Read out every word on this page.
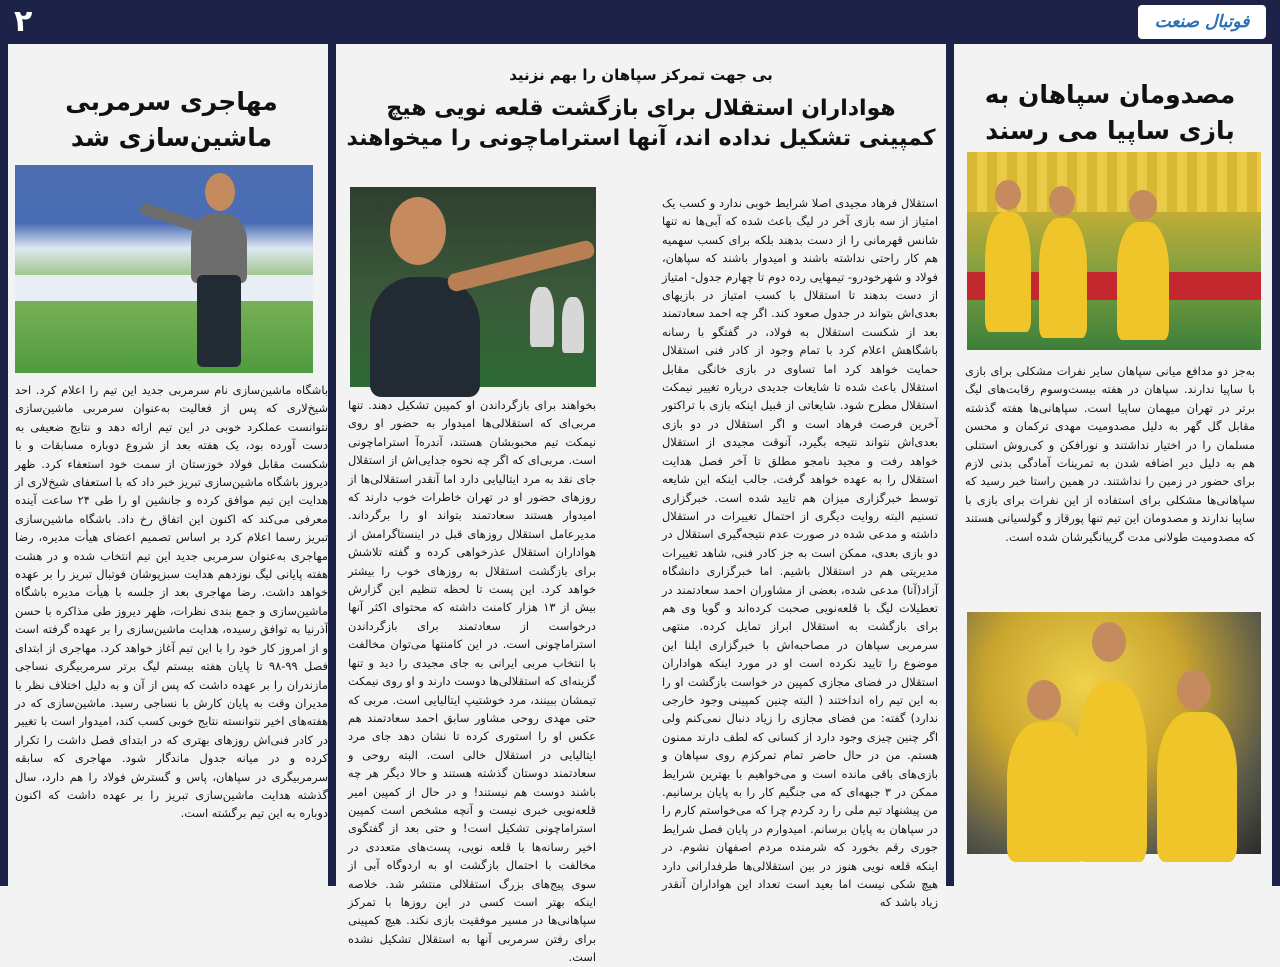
۲	فوتبال صنعت
مصدومان سپاهان به بازی ساپیا می رسند

به‌جز دو مدافع میانی سپاهان سایر نفرات مشکلی برای بازی با ساپیا ندارند. سپاهان در هفته بیست‌وسوم رقابت‌های لیگ برتر در تهران میهمان ساپیا است. سپاهانی‌ها هفته گذشته مقابل گل گهر به دلیل مصدومیت مهدی ترکمان و محسن مسلمان را در اختیار نداشتند و نورافکن و کی‌روش استنلی هم به دلیل دیر اضافه شدن به تمرینات آمادگی بدنی لازم برای حضور در زمین را نداشتند. در همین راستا خبر رسید که سپاهانی‌ها مشکلی برای استفاده از این نفرات برای بازی با ساپیا ندارند و مصدومان این تیم تنها پورقاز و گولسیانی هستند که مصدومیت طولانی مدت گریبانگیرشان شده است.

بی جهت تمرکز سپاهان را بهم نزنید
هواداران استقلال برای بازگشت قلعه نویی هیچ کمپینی تشکیل نداده اند، آنها استراماچونی را میخواهند

استقلال فرهاد مجیدی اصلا شرایط خوبی ندارد و کسب یک امتیاز از سه بازی آخر در لیگ باعث شده که آبی‌ها نه تنها شانس قهرمانی را از دست بدهند بلکه برای کسب سهمیه هم کار راحتی نداشته باشند و امیدوار باشند که سپاهان، فولاد و شهر‌خودرو- تیمهایی رده دوم تا چهارم جدول- امتیاز از دست بدهند تا استقلال با کسب امتیاز در بازیهای بعدی‌اش بتواند در جدول صعود کند. اگر چه احمد سعادتمند بعد از شکست استقلال به فولاد، در گفتگو با رسانه باشگاهش اعلام کرد با تمام وجود از کادر فنی استقلال حمایت خواهد کرد اما تساوی در بازی خانگی مقابل استقلال باعث شده تا شایعات جدیدی درباره تغییر نیمکت استقلال مطرح شود. شایعاتی از قبیل اینکه بازی با تراکتور آخرین فرصت فرهاد است و اگر استقلال در دو بازی بعدی‌اش نتواند نتیجه بگیرد، آنوقت مجیدی از استقلال خواهد رفت و مجید نامجو مطلق تا آخر فصل هدایت استقلال را به عهده خواهد گرفت. جالب اینکه این شایعه توسط خبرگزاری میزان هم تایید شده است. خبرگزاری تسنیم البته روایت دیگری از احتمال تغییرات در استقلال داشته و مدعی شده در صورت عدم نتیجه‌گیری استقلال در دو بازی بعدی، ممکن است به جز کادر فنی، شاهد تغییرات مدیریتی هم در استقلال باشیم. اما خبرگزاری دانشگاه آزاد(آنا) مدعی شده، بعضی از مشاوران احمد سعادتمند در تعطیلات لیگ با قلعه‌نویی صحبت کرده‌اند و گویا وی هم برای بازگشت به استقلال ابراز تمایل کرده. منتهی سرمربی سپاهان در مصاحبه‌اش با خبرگزاری ایلنا این موضوع را تایید نکرده است او در مورد اینکه هواداران استقلال در فضای مجازی کمپین در خواست بازگشت او را به این تیم راه انداختند ( البته چنین کمپینی وجود خارجی ندارد) گفته: من فضای مجازی را زیاد دنبال نمی‌کنم ولی اگر چنین چیزی وجود دارد از کسانی که لطف دارند ممنون هستم. من در حال حاضر تمام تمرکزم روی سپاهان و بازی‌های باقی مانده است و می‌خواهیم با بهترین شرایط ممکن در ۳ جبهه‌ای که می جنگیم کار را به پایان برسانیم. من پیشنهاد تیم ملی را رد کردم چرا که می‌خواستم کارم را در سپاهان به پایان برسانم. امیدوارم در پایان فصل شرایط جوری رقم بخورد که شرمنده مردم اصفهان نشوم. در اینکه قلعه نویی هنوز در بین استقلالی‌ها طرفدارانی دارد هیچ شکی نیست اما بعید است تعداد این هواداران آنقدر زیاد باشد که

بخواهند برای بازگرداندن او کمپین تشکیل دهند. تنها مربی‌ای که استقلالی‌ها امیدوار به حضور او روی نیمکت تیم محبوبشان هستند، آندره‌آ استراماچونی است. مربی‌ای که اگر چه نحوه جدایی‌اش از استقلال جای نقد به مرد ایتالیایی دارد اما آنقدر استقلالی‌ها از روزهای حضور او در تهران خاطرات خوب دارند که امیدوار هستند سعادتمند بتواند او را برگرداند. مدیرعامل استقلال روزهای قبل در اینستاگرامش از هواداران استقلال عذرخواهی کرده و گفته تلاشش برای بازگشت استقلال به روزهای خوب را بیشتر خواهد کرد. این پست تا لحظه تنظیم این گزارش بیش از ۱۳ هزار کامنت داشته که محتوای اکثر آنها درخواست از سعادتمند برای بازگرداندن استراماچونی است. در این کامنتها می‌توان مخالفت با انتخاب مربی ایرانی به جای مجیدی را دید و تنها گزینه‌ای که استقلالی‌ها دوست دارند و او روی نیمکت تیمشان ببینند، مرد خوشتیپ ایتالیایی است. مربی که حتی مهدی روحی مشاور سابق احمد سعادتمند هم عکس او را استوری کرده تا نشان دهد جای مرد ایتالیایی در استقلال خالی است. البته روحی و سعادتمند دوستان گذشته هستند و حالا دیگر هر چه باشند دوست هم نیستند! و در حال از کمپین امیر قلعه‌نویی خبری نیست و آنچه مشخص است کمپین استراماچونی تشکیل است! و حتی بعد از گفتگوی اخیر رسانه‌ها با قلعه نویی، پست‌های متعددی در مخالفت با احتمال بازگشت او به اردوگاه آبی از سوی پیج‌های بزرگ استقلالی منتشر شد. خلاصه اینکه بهتر است کسی در این روزها با تمرکز سپاهانی‌ها در مسیر موفقیت بازی نکند. هیچ کمپینی برای رفتن سرمربی آنها به استقلال تشکیل نشده است.

مهاجری سرمربی ماشین‌سازی شد

باشگاه ماشین‌سازی نام سرمربی جدید این تیم را اعلام کرد. احد شیخ‌لاری که پس از فعالیت به‌عنوان سرمربی ماشین‌سازی نتوانست عملکرد خوبی در این تیم ارائه دهد و نتایج ضعیفی به دست آورده بود، یک هفته بعد از شروع دوباره مسابقات و با شکست مقابل فولاد خوزستان از سمت خود استعفاء کرد. ظهر دیروز باشگاه ماشین‌سازی تبریز خبر داد که با استعفای شیخ‌لاری از هدایت این تیم موافق کرده و جانشین او را طی ۲۴ ساعت آینده معرفی می‌کند که اکنون این اتفاق رخ داد. باشگاه ماشین‌سازی تبریز رسما اعلام کرد بر اساس تصمیم اعضای هیأت مدیره، رضا مهاجری به‌عنوان سرمربی جدید این تیم انتخاب شده و در هشت هفته پایانی لیگ نوزدهم هدایت سبزپوشان فوتبال تبریز را بر عهده خواهد داشت. رضا مهاجری بعد از جلسه با هیأت مدیره باشگاه ماشین‌سازی و جمع بندی نظرات، ظهر دیروز طی مذاکره با حسن آذرنیا به توافق رسیده، هدایت ماشین‌سازی را بر عهده گرفته است و از امروز کار خود را با این تیم آغاز خواهد کرد. مهاجری از ابتدای فصل ۹۹-۹۸ تا پایان هفته بیستم لیگ برتر سرمربیگری نساجی مازندران را بر عهده داشت که پس از آن و به دلیل اختلاف نظر با مدیران وقت به پایان کارش با نساجی رسید. ماشین‌سازی که در هفته‌های اخیر نتوانسته نتایج خوبی کسب کند، امیدوار است با تغییر در کادر فنی‌اش روزهای بهتری که در ابتدای فصل داشت را تکرار کرده و در میانه جدول ماندگار شود. مهاجری که سابقه سرمربیگری در سپاهان، پاس و گسترش فولاد را هم دارد، سال گذشته هدایت ماشین‌سازی تبریز را بر عهده داشت که اکنون دوباره به این تیم برگشته است.
